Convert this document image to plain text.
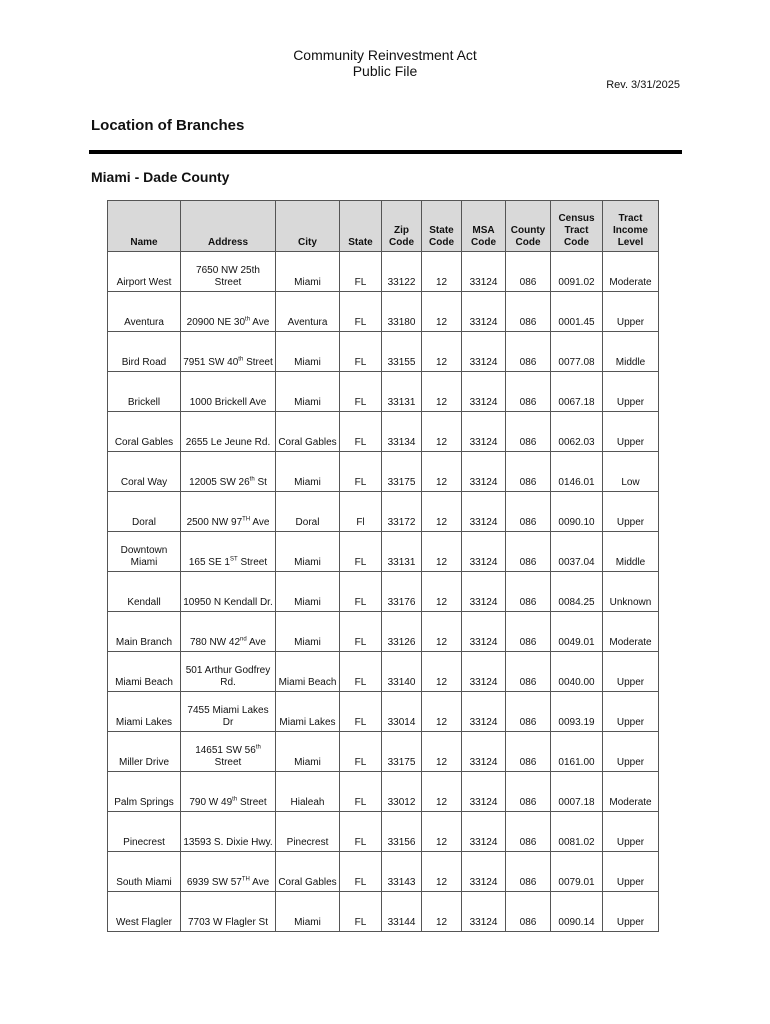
Community Reinvestment Act
Public File
Rev. 3/31/2025
Location of Branches
Miami - Dade County
Name	Address	City	State	Zip Code	State Code	MSA Code	County Code	Census Tract Code	Tract Income Level
Airport West	7650 NW 25th Street	Miami	FL	33122	12	33124	086	0091.02	Moderate
Aventura	20900 NE 30th Ave	Aventura	FL	33180	12	33124	086	0001.45	Upper
Bird Road	7951 SW 40th Street	Miami	FL	33155	12	33124	086	0077.08	Middle
Brickell	1000 Brickell Ave	Miami	FL	33131	12	33124	086	0067.18	Upper
Coral Gables	2655 Le Jeune Rd.	Coral Gables	FL	33134	12	33124	086	0062.03	Upper
Coral Way	12005 SW 26th St	Miami	FL	33175	12	33124	086	0146.01	Low
Doral	2500 NW 97TH Ave	Doral	Fl	33172	12	33124	086	0090.10	Upper
Downtown Miami	165 SE 1ST Street	Miami	FL	33131	12	33124	086	0037.04	Middle
Kendall	10950 N Kendall Dr.	Miami	FL	33176	12	33124	086	0084.25	Unknown
Main Branch	780 NW 42nd Ave	Miami	FL	33126	12	33124	086	0049.01	Moderate
Miami Beach	501 Arthur Godfrey Rd.	Miami Beach	FL	33140	12	33124	086	0040.00	Upper
Miami Lakes	7455 Miami Lakes Dr	Miami Lakes	FL	33014	12	33124	086	0093.19	Upper
Miller Drive	14651 SW 56th Street	Miami	FL	33175	12	33124	086	0161.00	Upper
Palm Springs	790 W 49th Street	Hialeah	FL	33012	12	33124	086	0007.18	Moderate
Pinecrest	13593 S. Dixie Hwy.	Pinecrest	FL	33156	12	33124	086	0081.02	Upper
South Miami	6939 SW 57TH Ave	Coral Gables	FL	33143	12	33124	086	0079.01	Upper
West Flagler	7703 W Flagler St	Miami	FL	33144	12	33124	086	0090.14	Upper
